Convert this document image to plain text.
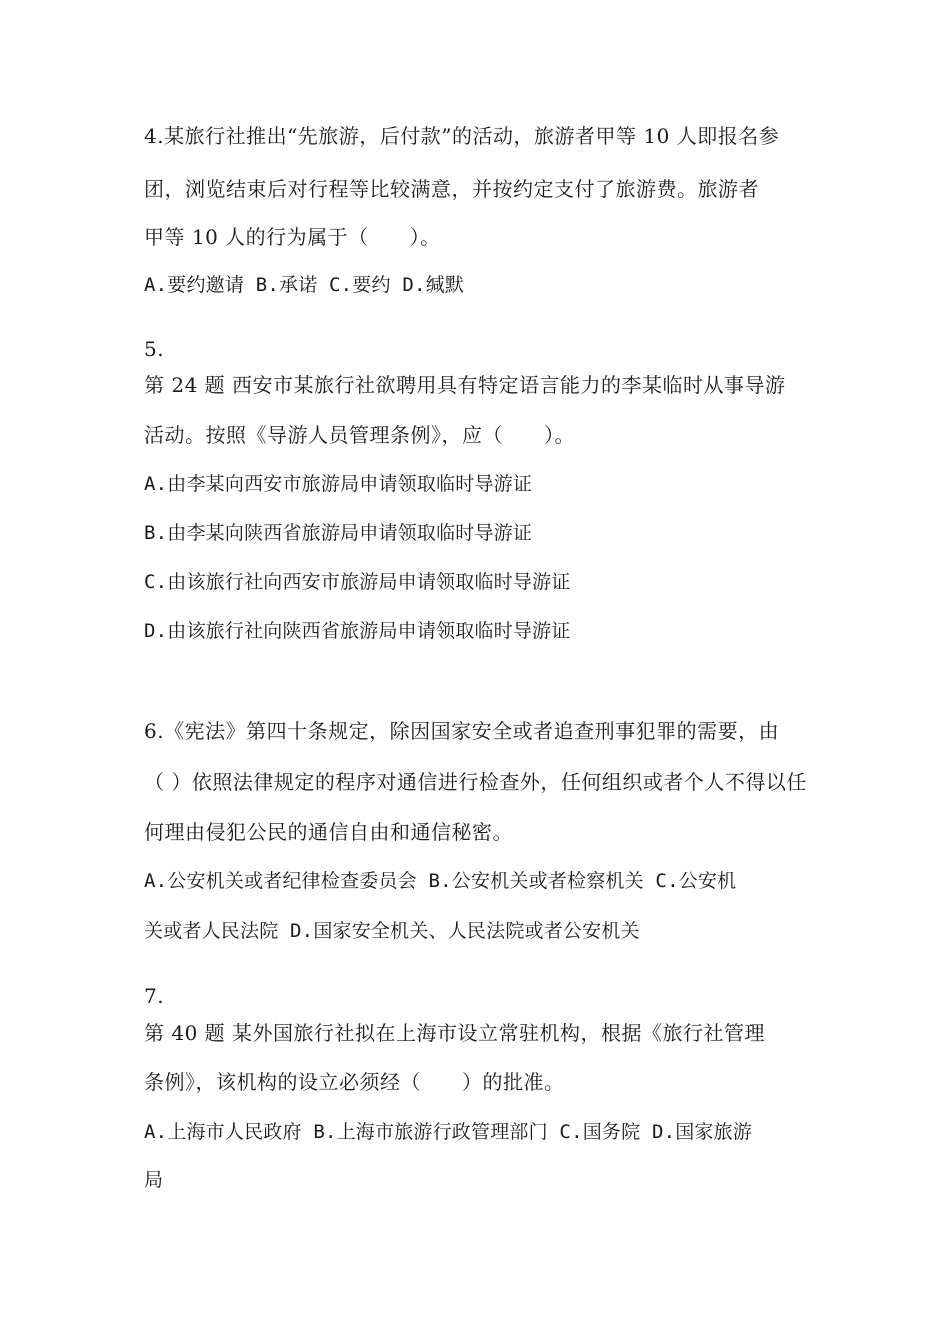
4.某旅行社推出“先旅游，后付款”的活动，旅游者甲等 10 人即报名参
团，浏览结束后对行程等比较满意，并按约定支付了旅游费。旅游者
甲等 10 人的行为属于（　　）。
A.要约邀请 B.承诺 C.要约 D.缄默
5.
第 24 题 西安市某旅行社欲聘用具有特定语言能力的李某临时从事导游
活动。按照《导游人员管理条例》，应（　　）。
A.由李某向西安市旅游局申请领取临时导游证
B.由李某向陕西省旅游局申请领取临时导游证
C.由该旅行社向西安市旅游局申请领取临时导游证
D.由该旅行社向陕西省旅游局申请领取临时导游证
6.《宪法》第四十条规定，除因国家安全或者追查刑事犯罪的需要，由
（ ）依照法律规定的程序对通信进行检查外，任何组织或者个人不得以任
何理由侵犯公民的通信自由和通信秘密。
A.公安机关或者纪律检查委员会 B.公安机关或者检察机关 C.公安机
关或者人民法院 D.国家安全机关、人民法院或者公安机关
7.
第 40 题 某外国旅行社拟在上海市设立常驻机构，根据《旅行社管理
条例》，该机构的设立必须经（　　）的批准。
A.上海市人民政府 B.上海市旅游行政管理部门 C.国务院 D.国家旅游
局
